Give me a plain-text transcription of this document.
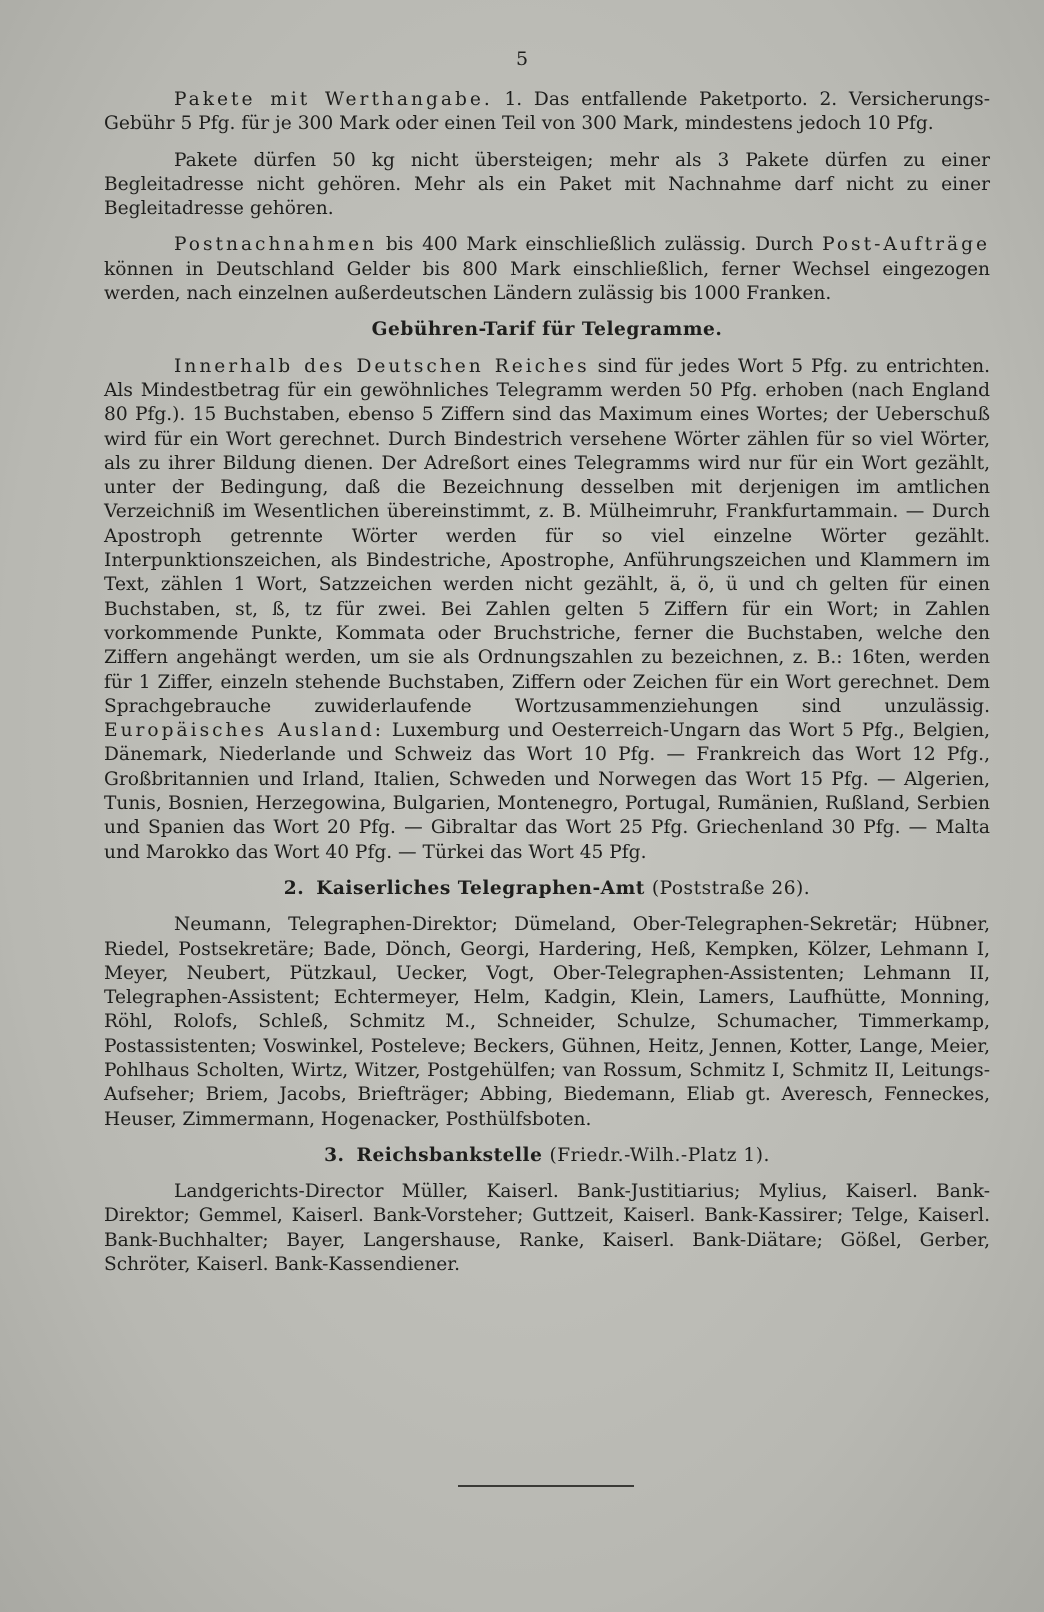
5

Pakete mit Werthangabe. 1. Das entfallende Paketporto. 2. Versicherungs-Gebühr 5 Pfg. für je 300 Mark oder einen Teil von 300 Mark, mindestens jedoch 10 Pfg.

Pakete dürfen 50 kg nicht übersteigen; mehr als 3 Pakete dürfen zu einer Begleitadresse nicht gehören. Mehr als ein Paket mit Nachnahme darf nicht zu einer Begleitadresse gehören.

Postnachnahmen bis 400 Mark einschließlich zulässig. Durch Post-Aufträge können in Deutschland Gelder bis 800 Mark einschließlich, ferner Wechsel eingezogen werden, nach einzelnen außerdeutschen Ländern zulässig bis 1000 Franken.

Gebühren-Tarif für Telegramme.

Innerhalb des Deutschen Reiches sind für jedes Wort 5 Pfg. zu entrichten. Als Mindestbetrag für ein gewöhnliches Telegramm werden 50 Pfg. erhoben (nach England 80 Pfg.). 15 Buchstaben, ebenso 5 Ziffern sind das Maximum eines Wortes; der Ueberschuß wird für ein Wort gerechnet. Durch Bindestrich versehene Wörter zählen für so viel Wörter, als zu ihrer Bildung dienen. Der Adreßort eines Telegramms wird nur für ein Wort gezählt, unter der Bedingung, daß die Bezeichnung desselben mit derjenigen im amtlichen Verzeichniß im Wesentlichen übereinstimmt, z. B. Mülheimruhr, Frankfurtammain. — Durch Apostroph getrennte Wörter werden für so viel einzelne Wörter gezählt. Interpunktionszeichen, als Bindestriche, Apostrophe, Anführungszeichen und Klammern im Text, zählen 1 Wort, Satzzeichen werden nicht gezählt, ä, ö, ü und ch gelten für einen Buchstaben, st, ß, tz für zwei. Bei Zahlen gelten 5 Ziffern für ein Wort; in Zahlen vorkommende Punkte, Kommata oder Bruchstriche, ferner die Buchstaben, welche den Ziffern angehängt werden, um sie als Ordnungszahlen zu bezeichnen, z. B.: 16ten, werden für 1 Ziffer, einzeln stehende Buchstaben, Ziffern oder Zeichen für ein Wort gerechnet. Dem Sprachgebrauche zuwiderlaufende Wortzusammenziehungen sind unzulässig. Europäisches Ausland: Luxemburg und Oesterreich-Ungarn das Wort 5 Pfg., Belgien, Dänemark, Niederlande und Schweiz das Wort 10 Pfg. — Frankreich das Wort 12 Pfg., Großbritannien und Irland, Italien, Schweden und Norwegen das Wort 15 Pfg. — Algerien, Tunis, Bosnien, Herzegowina, Bulgarien, Montenegro, Portugal, Rumänien, Rußland, Serbien und Spanien das Wort 20 Pfg. — Gibraltar das Wort 25 Pfg. Griechenland 30 Pfg. — Malta und Marokko das Wort 40 Pfg. — Türkei das Wort 45 Pfg.

2. Kaiserliches Telegraphen-Amt (Poststraße 26).

Neumann, Telegraphen-Direktor; Dümeland, Ober-Telegraphen-Sekretär; Hübner, Riedel, Postsekretäre; Bade, Dönch, Georgi, Hardering, Heß, Kempken, Kölzer, Lehmann I, Meyer, Neubert, Pützkaul, Uecker, Vogt, Ober-Telegraphen-Assistenten; Lehmann II, Telegraphen-Assistent; Echtermeyer, Helm, Kadgin, Klein, Lamers, Laufhütte, Monning, Röhl, Rolofs, Schleß, Schmitz M., Schneider, Schulze, Schumacher, Timmerkamp, Postassistenten; Voswinkel, Posteleve; Beckers, Gühnen, Heitz, Jennen, Kotter, Lange, Meier, Pohlhaus Scholten, Wirtz, Witzer, Postgehülfen; van Rossum, Schmitz I, Schmitz II, Leitungs-Aufseher; Briem, Jacobs, Briefträger; Abbing, Biedemann, Eliab gt. Averesch, Fenneckes, Heuser, Zimmermann, Hogenacker, Posthülfsboten.

3. Reichsbankstelle (Friedr.-Wilh.-Platz 1).

Landgerichts-Director Müller, Kaiserl. Bank-Justitiarius; Mylius, Kaiserl. Bank-Direktor; Gemmel, Kaiserl. Bank-Vorsteher; Guttzeit, Kaiserl. Bank-Kassirer; Telge, Kaiserl. Bank-Buchhalter; Bayer, Langershause, Ranke, Kaiserl. Bank-Diätare; Gößel, Gerber, Schröter, Kaiserl. Bank-Kassendiener.
